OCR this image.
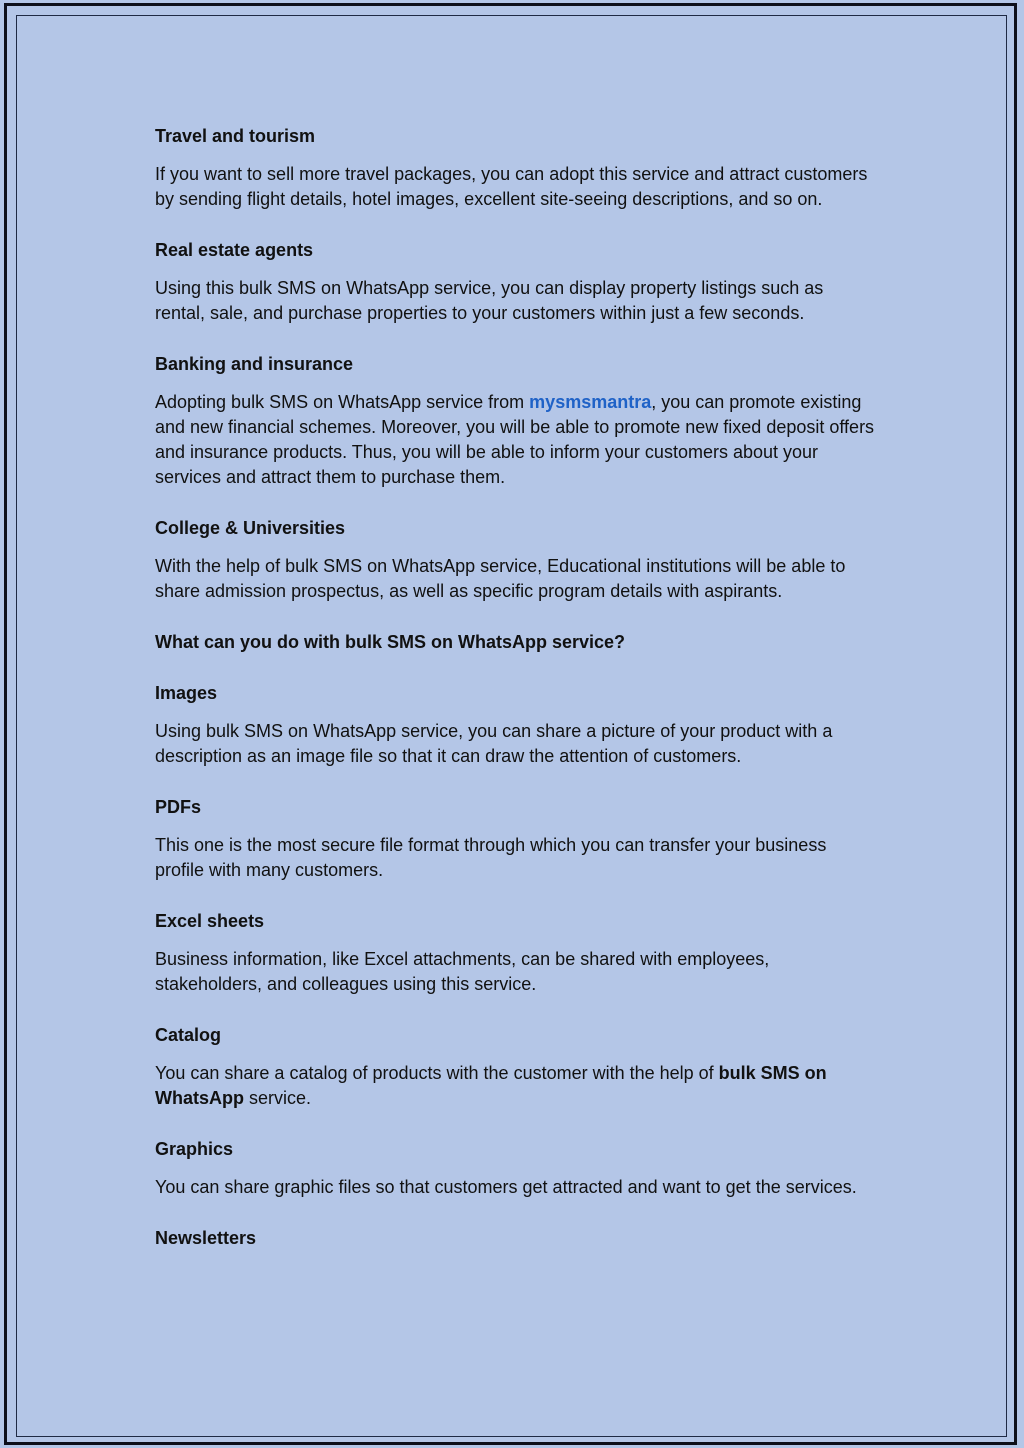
Travel and tourism

If you want to sell more travel packages, you can adopt this service and attract customers by sending flight details, hotel images, excellent site-seeing descriptions, and so on.

Real estate agents

Using this bulk SMS on WhatsApp service, you can display property listings such as rental, sale, and purchase properties to your customers within just a few seconds.

Banking and insurance

Adopting bulk SMS on WhatsApp service from mysmsmantra, you can promote existing and new financial schemes. Moreover, you will be able to promote new fixed deposit offers and insurance products. Thus, you will be able to inform your customers about your services and attract them to purchase them.

College & Universities

With the help of bulk SMS on WhatsApp service, Educational institutions will be able to share admission prospectus, as well as specific program details with aspirants.

What can you do with bulk SMS on WhatsApp service?
Images

Using bulk SMS on WhatsApp service, you can share a picture of your product with a description as an image file so that it can draw the attention of customers.

PDFs

This one is the most secure file format through which you can transfer your business profile with many customers.

Excel sheets

Business information, like Excel attachments, can be shared with employees, stakeholders, and colleagues using this service.

Catalog

You can share a catalog of products with the customer with the help of bulk SMS on WhatsApp service.

Graphics

You can share graphic files so that customers get attracted and want to get the services.

Newsletters
